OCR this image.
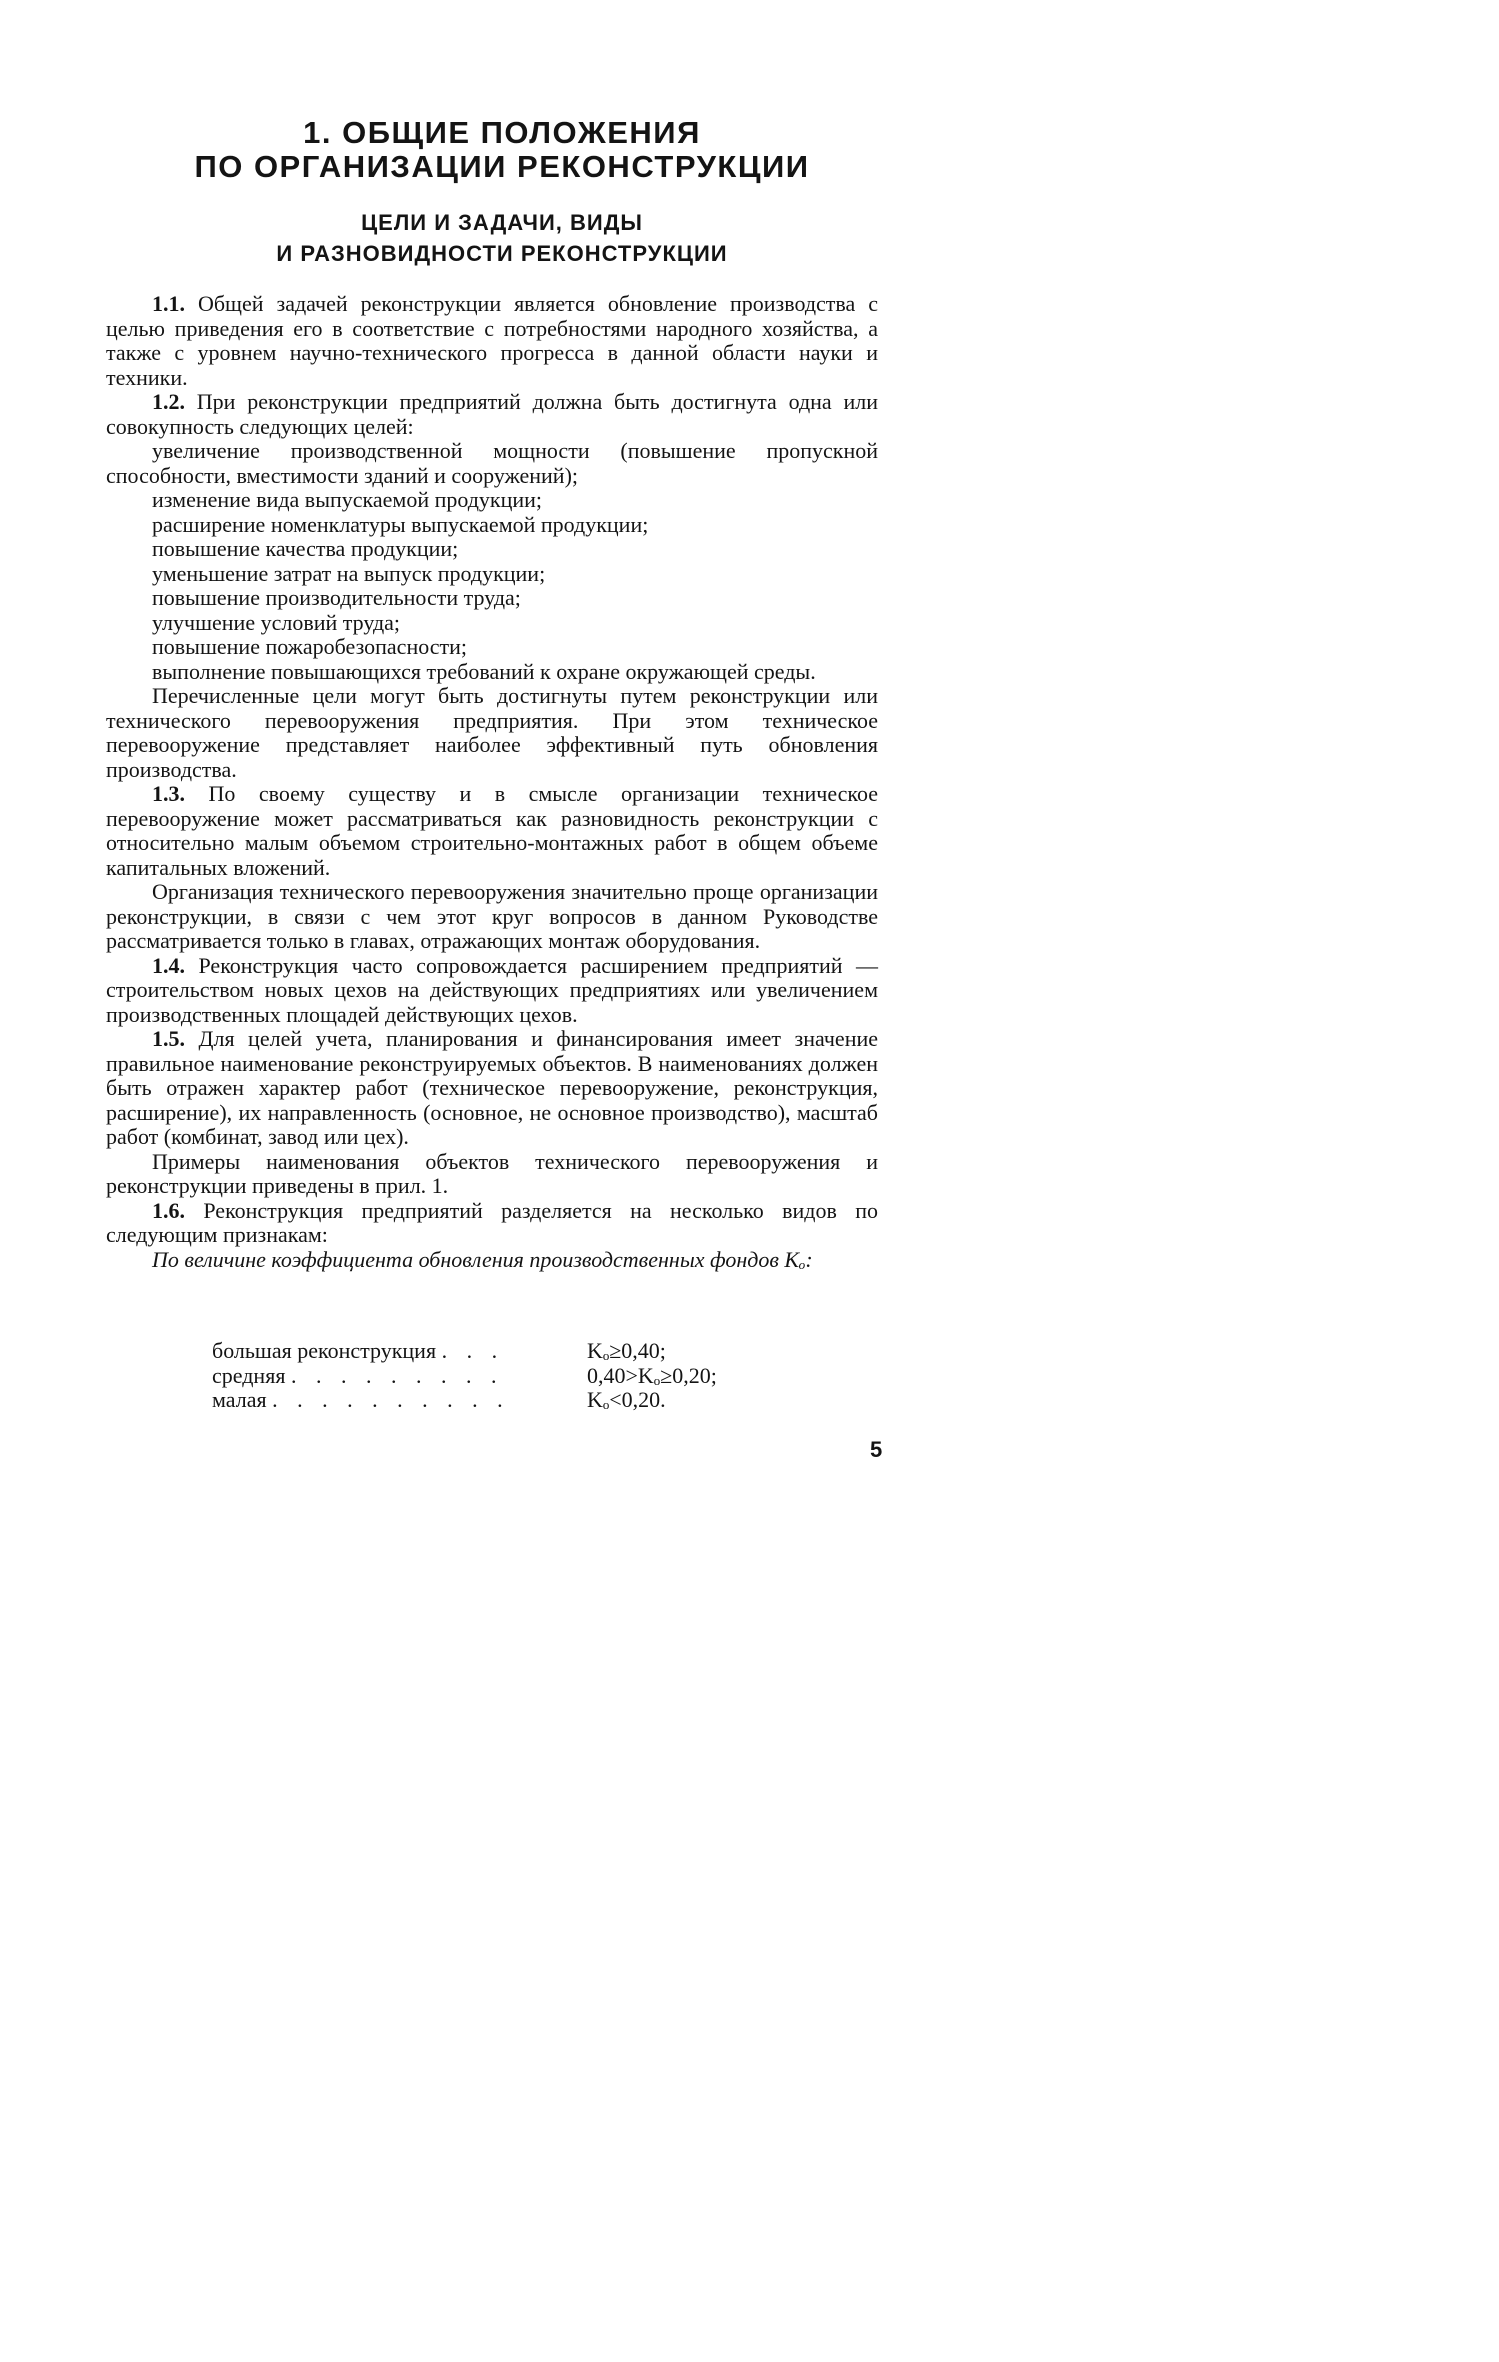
1. ОБЩИЕ ПОЛОЖЕНИЯ
ПО ОРГАНИЗАЦИИ РЕКОНСТРУКЦИИ
ЦЕЛИ И ЗАДАЧИ, ВИДЫ
И РАЗНОВИДНОСТИ РЕКОНСТРУКЦИИ

1.1. Общей задачей реконструкции является обновление производства с целью приведения его в соответствие с потребностями народного хозяйства, а также с уровнем научно-технического прогресса в данной области науки и техники.

1.2. При реконструкции предприятий должна быть достигнута одна или совокупность следующих целей:

увеличение производственной мощности (повышение пропускной способности, вместимости зданий и сооружений);

изменение вида выпускаемой продукции;

расширение номенклатуры выпускаемой продукции;

повышение качества продукции;

уменьшение затрат на выпуск продукции;

повышение производительности труда;

улучшение условий труда;

повышение пожаробезопасности;

выполнение повышающихся требований к охране окружающей среды.

Перечисленные цели могут быть достигнуты путем реконструкции или технического перевооружения предприятия. При этом техническое перевооружение представляет наиболее эффективный путь обновления производства.

1.3. По своему существу и в смысле организации техническое перевооружение может рассматриваться как разновидность реконструкции с относительно малым объемом строительно-монтажных работ в общем объеме капитальных вложений.

Организация технического перевооружения значительно проще организации реконструкции, в связи с чем этот круг вопросов в данном Руководстве рассматривается только в главах, отражающих монтаж оборудования.

1.4. Реконструкция часто сопровождается расширением предприятий — строительством новых цехов на действующих предприятиях или увеличением производственных площадей действующих цехов.

1.5. Для целей учета, планирования и финансирования имеет значение правильное наименование реконструируемых объектов. В наименованиях должен быть отражен характер работ (техническое перевооружение, реконструкция, расширение), их направленность (основное, не основное производство), масштаб работ (комбинат, завод или цех).

Примеры наименования объектов технического перевооружения и реконструкции приведены в прил. 1.

1.6. Реконструкция предприятий разделяется на несколько видов по следующим признакам:

По величине коэффициента обновления производственных фондов Kₒ:

большая реконструкция . . .	Kₒ≥0,40;
средняя . . . . . . . . .	0,40>Kₒ≥0,20;
малая . . . . . . . . . .	Kₒ<0,20.
5
